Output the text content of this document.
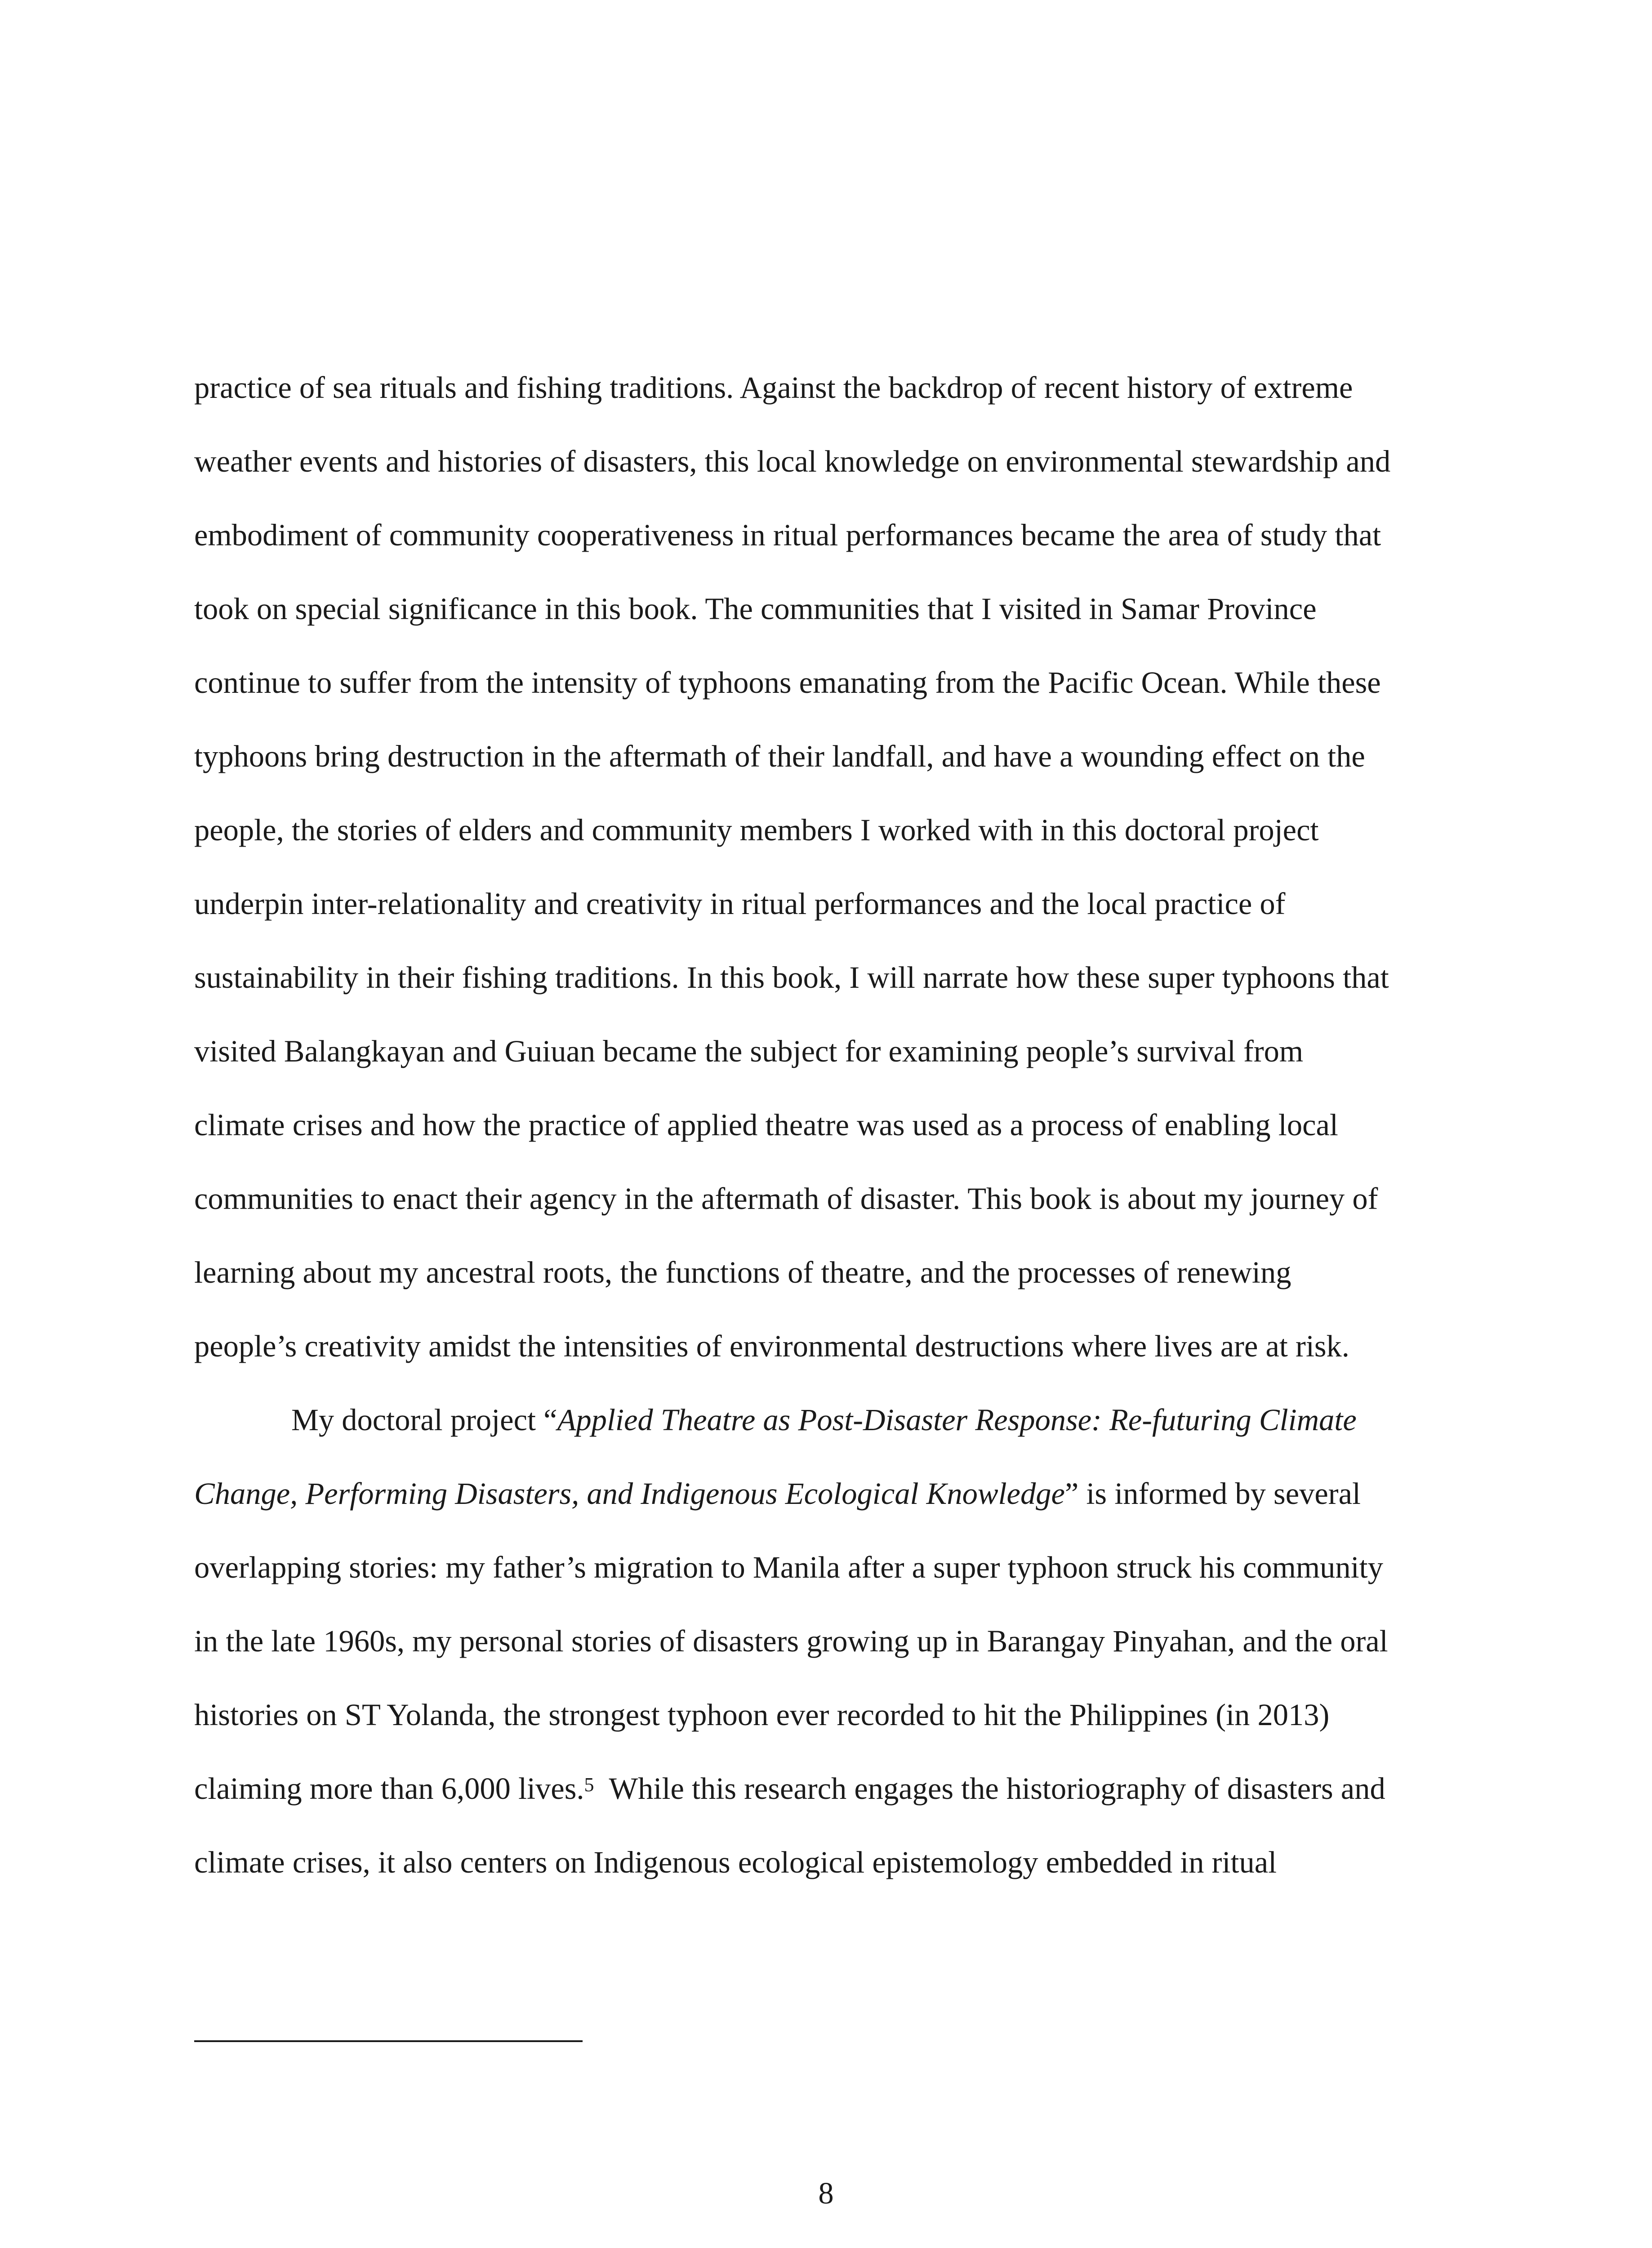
practice of sea rituals and fishing traditions. Against the backdrop of recent history of extreme
weather events and histories of disasters, this local knowledge on environmental stewardship and
embodiment of community cooperativeness in ritual performances became the area of study that
took on special significance in this book. The communities that I visited in Samar Province
continue to suffer from the intensity of typhoons emanating from the Pacific Ocean. While these
typhoons bring destruction in the aftermath of their landfall, and have a wounding effect on the
people, the stories of elders and community members I worked with in this doctoral project
underpin inter-relationality and creativity in ritual performances and the local practice of
sustainability in their fishing traditions. In this book, I will narrate how these super typhoons that
visited Balangkayan and Guiuan became the subject for examining people’s survival from
climate crises and how the practice of applied theatre was used as a process of enabling local
communities to enact their agency in the aftermath of disaster. This book is about my journey of
learning about my ancestral roots, the functions of theatre, and the processes of renewing
people’s creativity amidst the intensities of environmental destructions where lives are at risk.

My doctoral project “Applied Theatre as Post-Disaster Response: Re-futuring Climate
Change, Performing Disasters, and Indigenous Ecological Knowledge” is informed by several
overlapping stories: my father’s migration to Manila after a super typhoon struck his community
in the late 1960s, my personal stories of disasters growing up in Barangay Pinyahan, and the oral
histories on ST Yolanda, the strongest typhoon ever recorded to hit the Philippines (in 2013)
claiming more than 6,000 lives.$^5$  While this research engages the historiography of disasters and
climate crises, it also centers on Indigenous ecological epistemology embedded in ritual

8
